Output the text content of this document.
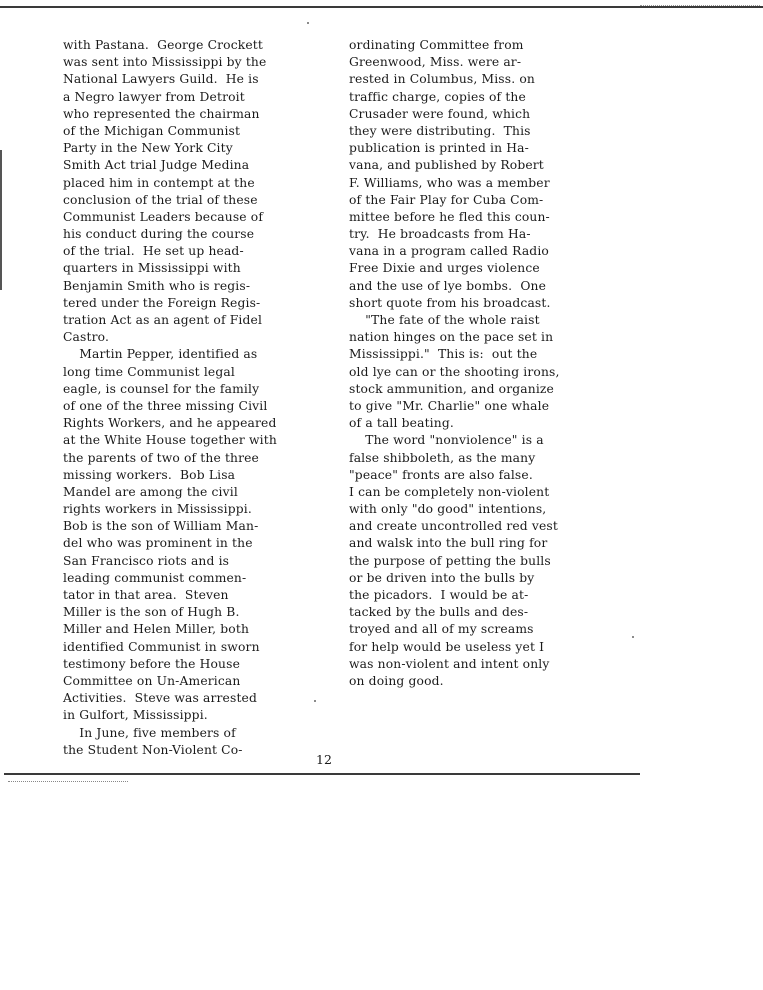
with Pastana.  George Crockett
was sent into Mississippi by the
National Lawyers Guild.  He is
a Negro lawyer from Detroit
who represented the chairman
of the Michigan Communist
Party in the New York City
Smith Act trial Judge Medina
placed him in contempt at the
conclusion of the trial of these
Communist Leaders because of
his conduct during the course
of the trial.  He set up head-
quarters in Mississippi with
Benjamin Smith who is regis-
tered under the Foreign Regis-
tration Act as an agent of Fidel
Castro.
Martin Pepper, identified as
long time Communist legal
eagle, is counsel for the family
of one of the three missing Civil
Rights Workers, and he appeared
at the White House together with
the parents of two of the three
missing workers.  Bob Lisa
Mandel are among the civil
rights workers in Mississippi.
Bob is the son of William Man-
del who was prominent in the
San Francisco riots and is
leading communist commen-
tator in that area.  Steven
Miller is the son of Hugh B.
Miller and Helen Miller, both
identified Communist in sworn
testimony before the House
Committee on Un-American
Activities.  Steve was arrested
in Gulfort, Mississippi.
In June, five members of
the Student Non-Violent Co-
ordinating Committee from
Greenwood, Miss. were ar-
rested in Columbus, Miss. on
traffic charge, copies of the
Crusader were found, which
they were distributing.  This
publication is printed in Ha-
vana, and published by Robert
F. Williams, who was a member
of the Fair Play for Cuba Com-
mittee before he fled this coun-
try.  He broadcasts from Ha-
vana in a program called Radio
Free Dixie and urges violence
and the use of lye bombs.  One
short quote from his broadcast.
"The fate of the whole raist
nation hinges on the pace set in
Mississippi."  This is:  out the
old lye can or the shooting irons,
stock ammunition, and organize
to give "Mr. Charlie" one whale
of a tall beating.
The word "nonviolence" is a
false shibboleth, as the many
"peace" fronts are also false.
I can be completely non-violent
with only "do good" intentions,
and create uncontrolled red vest
and walsk into the bull ring for
the purpose of petting the bulls
or be driven into the bulls by
the picadors.  I would be at-
tacked by the bulls and des-
troyed and all of my screams
for help would be useless yet I
was non-violent and intent only
on doing good.
12
